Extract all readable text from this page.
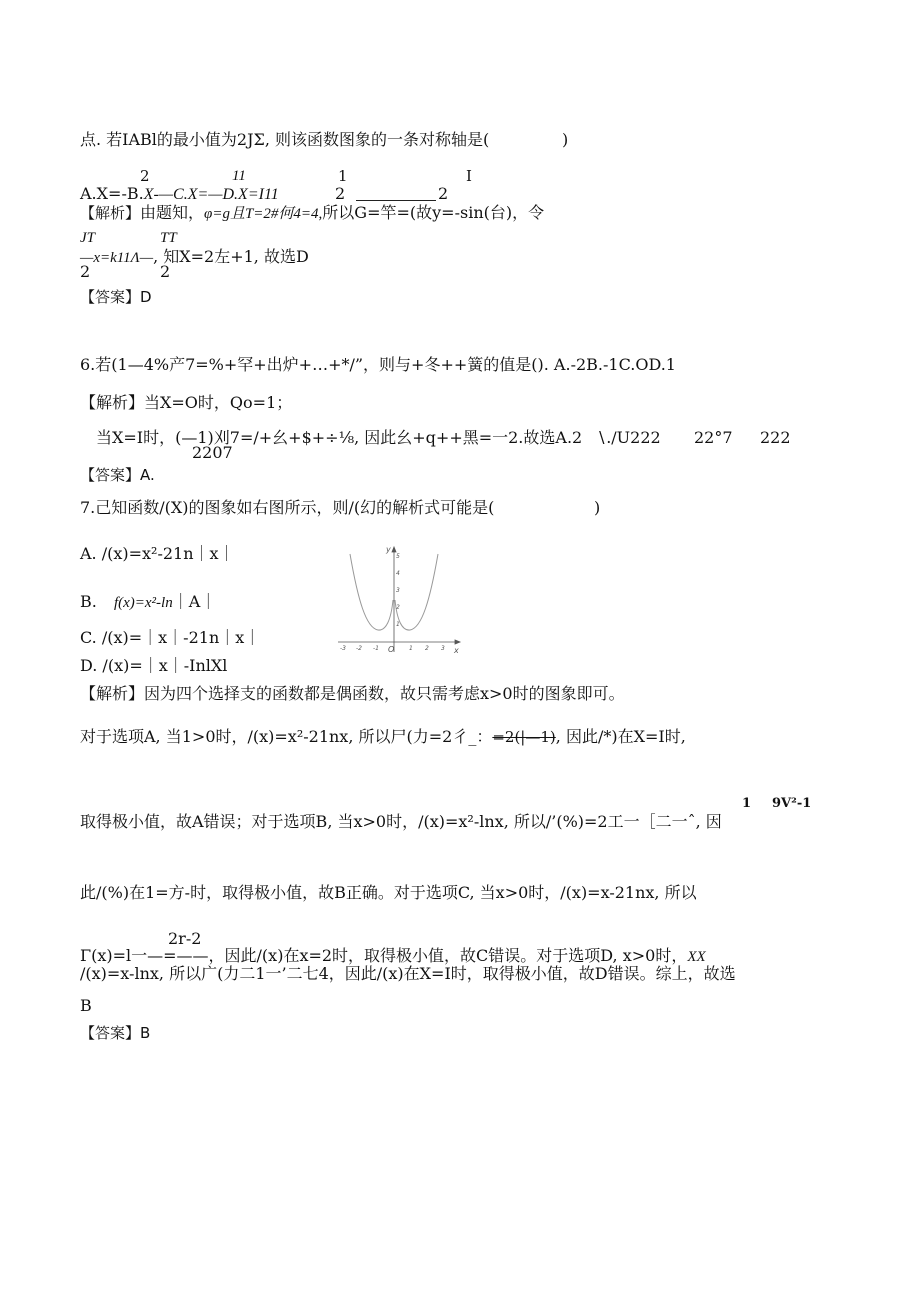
点. 若IABl的最小值为2JΣ, 则该函数图象的一条对称轴是(	)
2	11	1	I
A.X=-B.X-—C.X=—D.X=I11	2	2
【解析】由题知，φ=g且T=2#何4=4,所以G=竿=(故y=-sin(台)，令
JT	TT
—x=k11Λ—, 知X=2左+1, 故选D
2	2
【答案】D
6.若(1—4%产7=%+罕+出炉+…+*/”，则与+冬++簧的值是(). A.-2B.-1C.OD.1
【解析】当X=O时，Qo=1；
当X=I时，(—1)刈7=/+幺+$+÷⅛, 因此幺+q++黑=一2.故选A.2 ∖./U222 22°7 222
2207
【答案】A.
7.己知函数/(X)的图象如右图所示，则/(幻的解析式可能是(	)
A. /(x)=x²-21n｜x｜
B. f(x)=x²-ln｜A｜
C. /(x)=｜x｜-21n｜x｜
D. /(x)=｜x｜-InlXl
-3 -2 -1 O 1 2 3 x
5
4
3
2
1
y
【解析】因为四个选择支的函数都是偶函数，故只需考虑x>0时的图象即可。
对于选项A, 当1>0时，/(x)=x²-21nx, 所以尸(力=2彳_：=2(|—1), 因此/*)在X=I时,
1 9V²-1
取得极小值，故A错误；对于选项B, 当x>0时，/(x)=x²-lnx, 所以/’(%)=2工一［二一ˆ, 因
此/(%)在1=方-时，取得极小值，故B正确。对于选项C, 当x>0时，/(x)=x-21nx, 所以
2r-2
Γ(x)=l一—=——，因此/(x)在x=2时，取得极小值，故C错误。对于选项D, x>0时，XX
/(x)=x-lnx, 所以广(力二1一’二七4，因此/(x)在X=I时，取得极小值，故D错误。综上，故选
B
【答案】B
